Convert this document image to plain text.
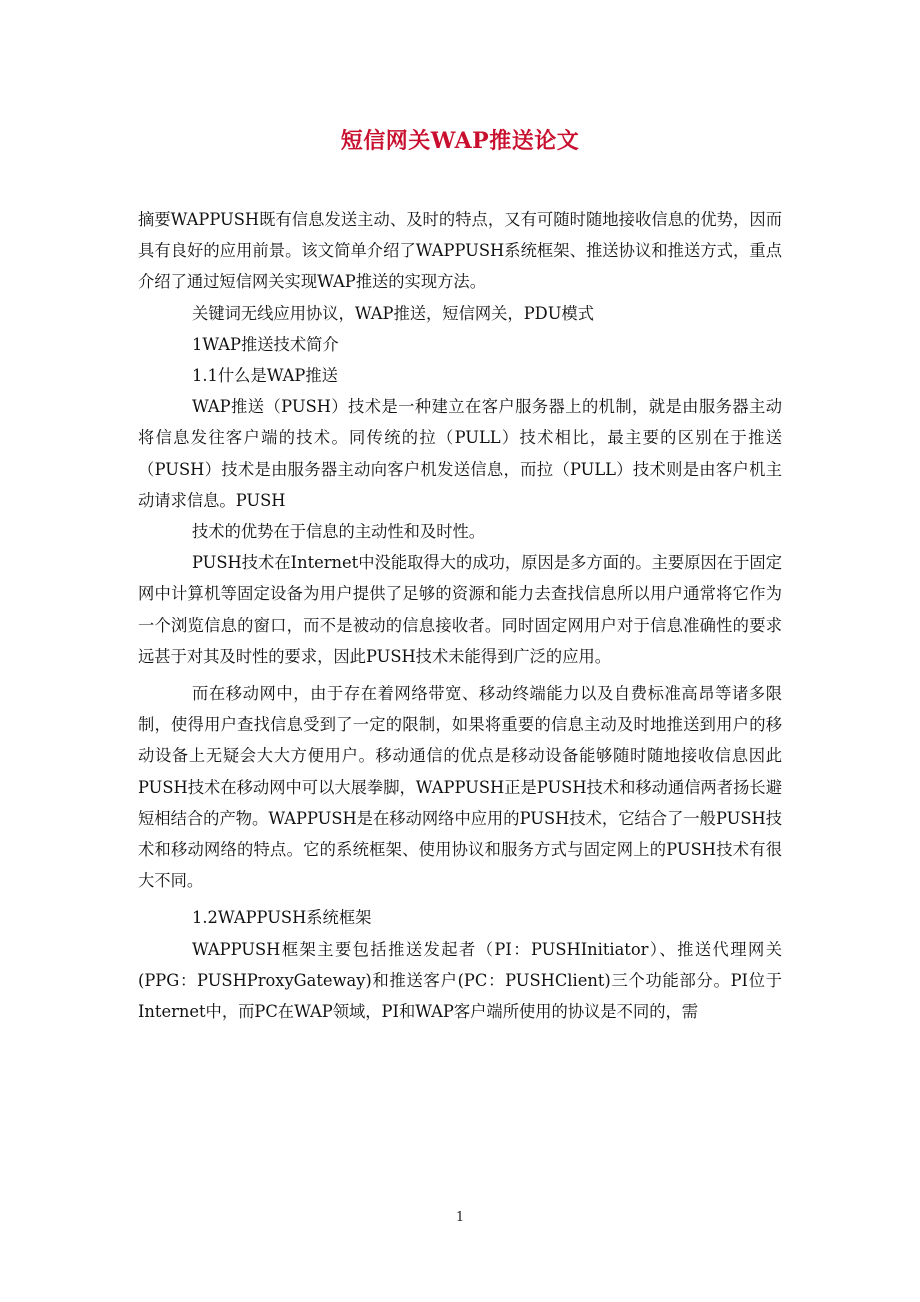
短信网关WAP推送论文

摘要WAPPUSH既有信息发送主动、及时的特点，又有可随时随地接收信息的优势，因而具有良好的应用前景。该文简单介绍了WAPPUSH系统框架、推送协议和推送方式，重点介绍了通过短信网关实现WAP推送的实现方法。

关键词无线应用协议，WAP推送，短信网关，PDU模式

1WAP推送技术简介

1.1什么是WAP推送

WAP推送（PUSH）技术是一种建立在客户服务器上的机制，就是由服务器主动将信息发往客户端的技术。同传统的拉（PULL）技术相比，最主要的区别在于推送（PUSH）技术是由服务器主动向客户机发送信息，而拉（PULL）技术则是由客户机主动请求信息。PUSH

技术的优势在于信息的主动性和及时性。

PUSH技术在Internet中没能取得大的成功，原因是多方面的。主要原因在于固定网中计算机等固定设备为用户提供了足够的资源和能力去查找信息所以用户通常将它作为一个浏览信息的窗口，而不是被动的信息接收者。同时固定网用户对于信息准确性的要求远甚于对其及时性的要求，因此PUSH技术未能得到广泛的应用。

而在移动网中，由于存在着网络带宽、移动终端能力以及自费标准高昂等诸多限制，使得用户查找信息受到了一定的限制，如果将重要的信息主动及时地推送到用户的移动设备上无疑会大大方便用户。移动通信的优点是移动设备能够随时随地接收信息因此PUSH技术在移动网中可以大展拳脚，WAPPUSH正是PUSH技术和移动通信两者扬长避短相结合的产物。WAPPUSH是在移动网络中应用的PUSH技术，它结合了一般PUSH技术和移动网络的特点。它的系统框架、使用协议和服务方式与固定网上的PUSH技术有很大不同。

1.2WAPPUSH系统框架

WAPPUSH框架主要包括推送发起者（PI：PUSHInitiator）、推送代理网关(PPG：PUSHProxyGateway)和推送客户(PC：PUSHClient)三个功能部分。PI位于Internet中，而PC在WAP领域，PI和WAP客户端所使用的协议是不同的，需

1
